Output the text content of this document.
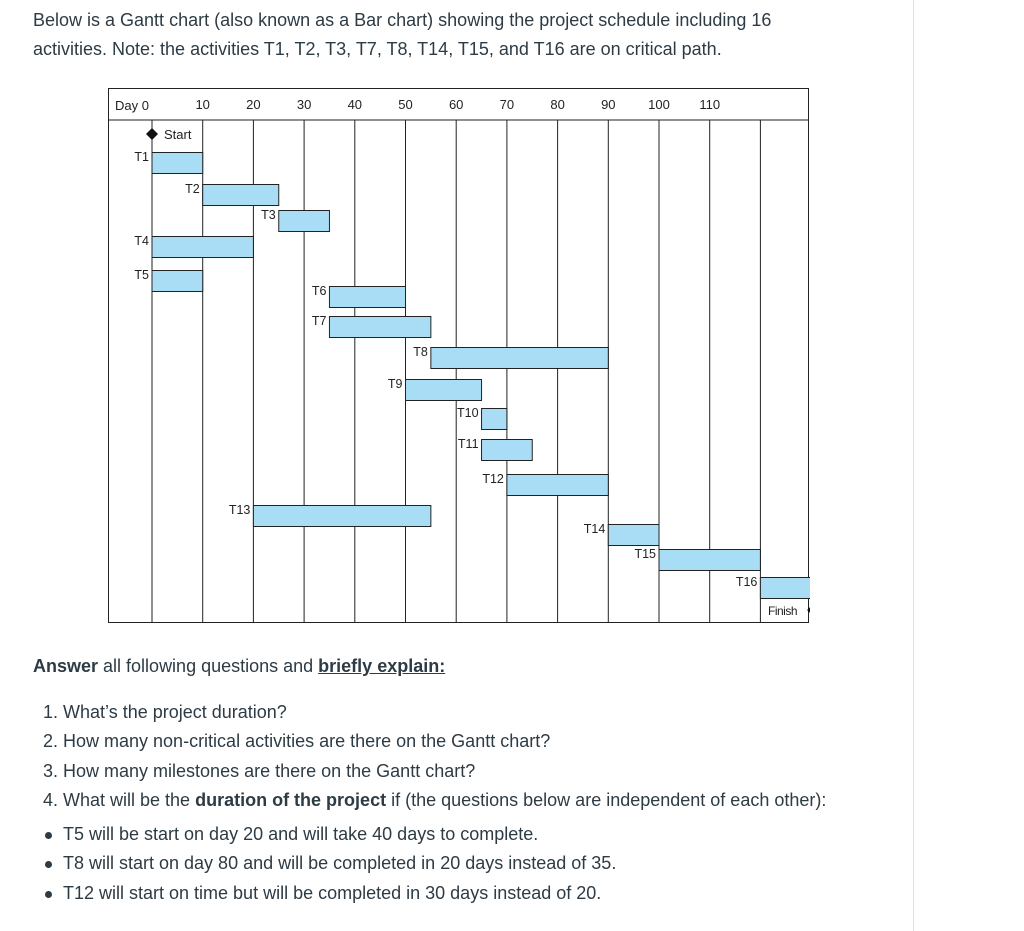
Below is a Gantt chart (also known as a Bar chart) showing the project schedule including 16
activities. Note: the activities T1, T2, T3, T7, T8, T14, T15, and T16 are on critical path.
Day 0	10	20	30	40	50	60	70	80	90	100 110
T1
T2
T3
T4
T5
T6
T7
T8
T9
T10
T11
T12
T13
T14
T15
T16
Start
Finish
Answer all following questions and briefly explain:
1. What’s the project duration?
2. How many non-critical activities are there on the Gantt chart?
3. How many milestones are there on the Gantt chart?
4. What will be the duration of the project if (the questions below are independent of each other):
T5 will be start on day 20 and will take 40 days to complete.
T8 will start on day 80 and will be completed in 20 days instead of 35.
T12 will start on time but will be completed in 30 days instead of 20.
